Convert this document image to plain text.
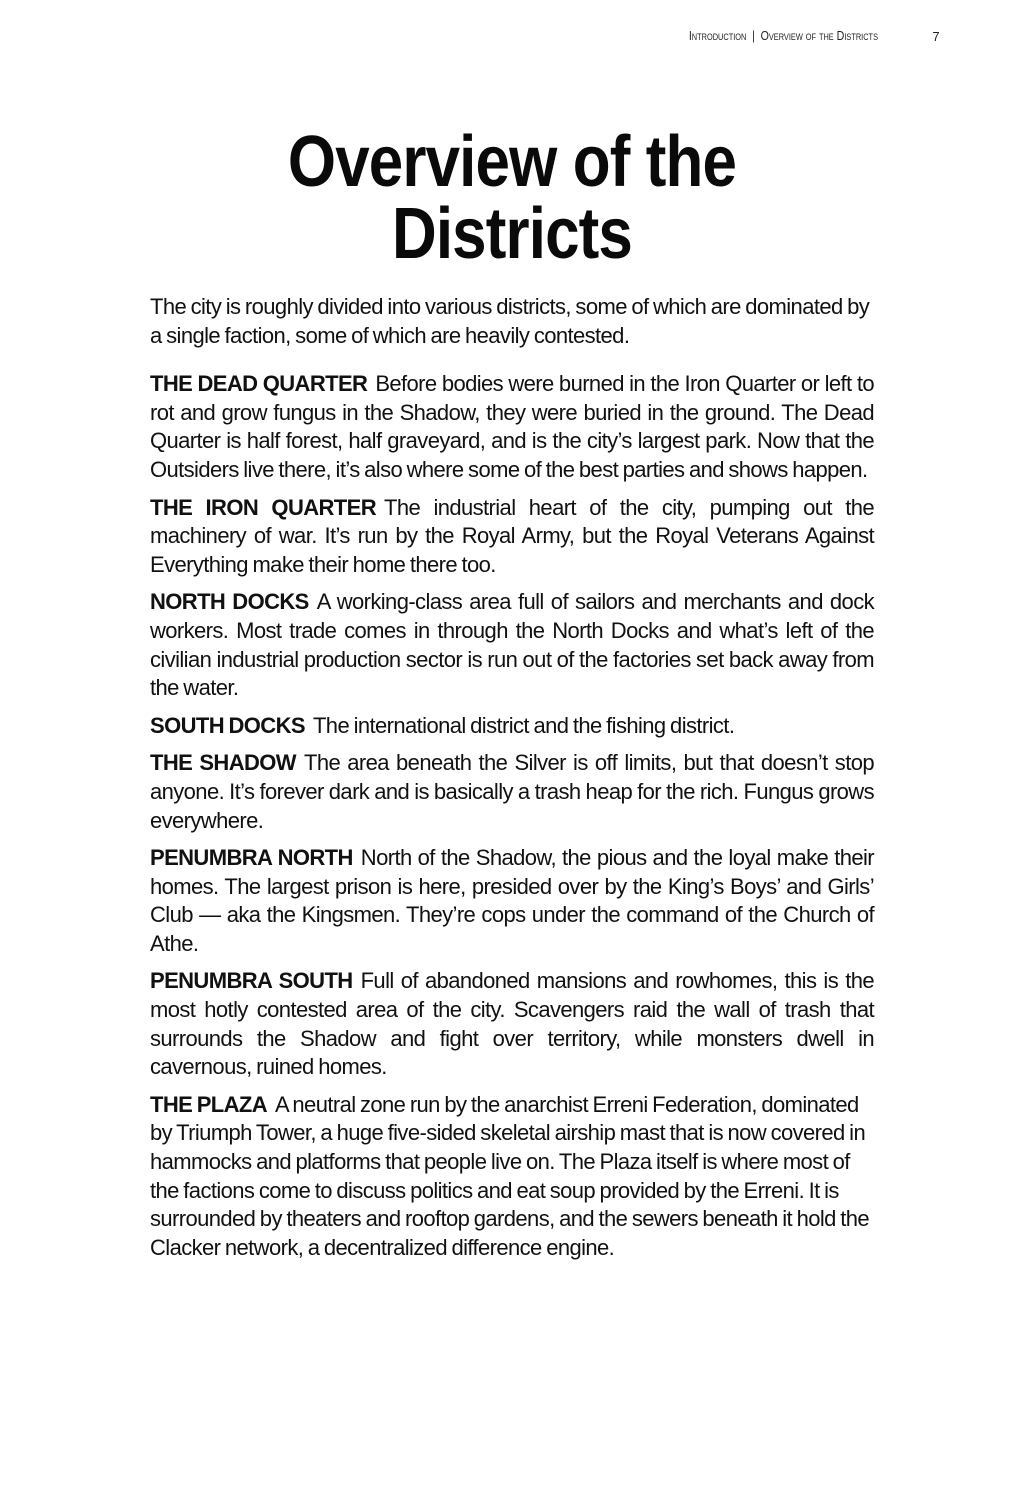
Introduction | Overview of the Districts	7
Overview of the Districts

The city is roughly divided into various districts, some of which are dominated by a single faction, some of which are heavily contested.

THE DEAD QUARTER Before bodies were burned in the Iron Quarter or left to rot and grow fungus in the Shadow, they were buried in the ground. The Dead Quarter is half forest, half graveyard, and is the city’s largest park. Now that the Outsiders live there, it’s also where some of the best parties and shows happen.

THE IRON QUARTER The industrial heart of the city, pumping out the machinery of war. It’s run by the Royal Army, but the Royal Veterans Against Everything make their home there too.

NORTH DOCKS A working-class area full of sailors and merchants and dock workers. Most trade comes in through the North Docks and what’s left of the civilian industrial production sector is run out of the factories set back away from the water.

SOUTH DOCKS The international district and the fishing district.

THE SHADOW The area beneath the Silver is off limits, but that doesn’t stop anyone. It’s forever dark and is basically a trash heap for the rich. Fungus grows everywhere.

PENUMBRA NORTH North of the Shadow, the pious and the loyal make their homes. The largest prison is here, presided over by the King’s Boys’ and Girls’ Club — aka the Kingsmen. They’re cops under the command of the Church of Athe.

PENUMBRA SOUTH Full of abandoned mansions and rowhomes, this is the most hotly contested area of the city. Scavengers raid the wall of trash that surrounds the Shadow and fight over territory, while monsters dwell in cavernous, ruined homes.

THE PLAZA A neutral zone run by the anarchist Erreni Federation, dominated by Triumph Tower, a huge five-sided skeletal airship mast that is now covered in hammocks and platforms that people live on. The Plaza itself is where most of the factions come to discuss politics and eat soup provided by the Erreni. It is surrounded by theaters and rooftop gardens, and the sewers beneath it hold the Clacker network, a decentralized difference engine.
